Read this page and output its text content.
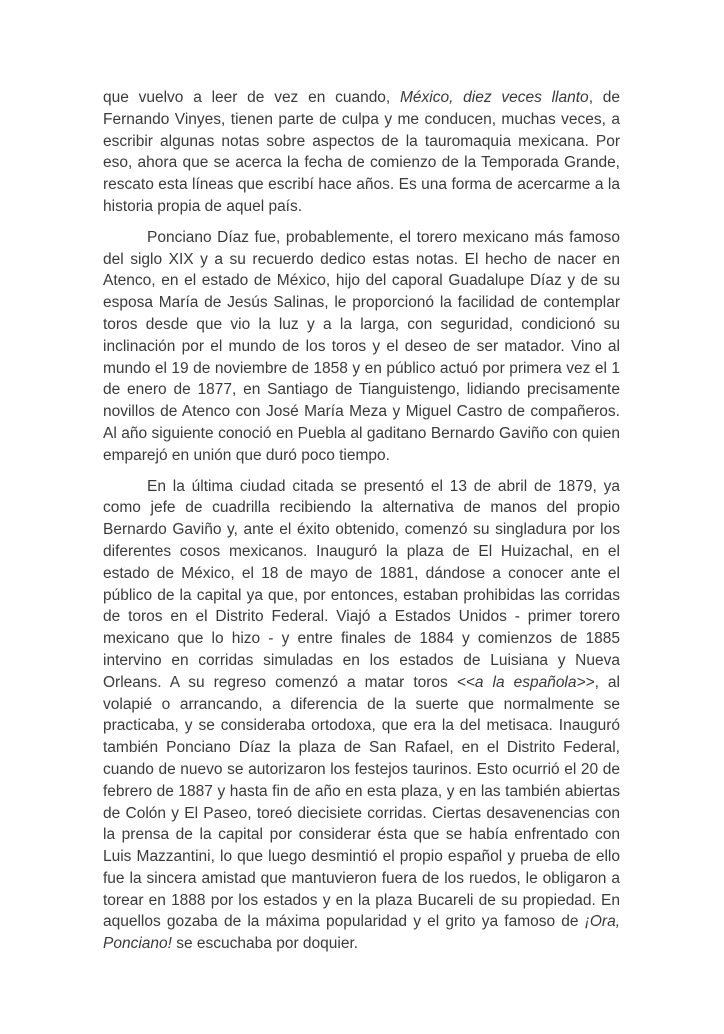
que vuelvo a leer de vez en cuando, México, diez veces llanto, de Fernando Vinyes, tienen parte de culpa y me conducen, muchas veces, a escribir algunas notas sobre aspectos de la tauromaquia mexicana. Por eso, ahora que se acerca la fecha de comienzo de la Temporada Grande, rescato esta líneas que escribí hace años. Es una forma de acercarme a la historia propia de aquel país.

Ponciano Díaz fue, probablemente, el torero mexicano más famoso del siglo XIX y a su recuerdo dedico estas notas. El hecho de nacer en Atenco, en el estado de México, hijo del caporal Guadalupe Díaz y de su esposa María de Jesús Salinas, le proporcionó la facilidad de contemplar toros desde que vio la luz y a la larga, con seguridad, condicionó su inclinación por el mundo de los toros y el deseo de ser matador. Vino al mundo el 19 de noviembre de 1858 y en público actuó por primera vez el 1 de enero de 1877, en Santiago de Tianguistengo, lidiando precisamente novillos de Atenco con José María Meza y Miguel Castro de compañeros. Al año siguiente conoció en Puebla al gaditano Bernardo Gaviño con quien emparejó en unión que duró poco tiempo.

En la última ciudad citada se presentó el 13 de abril de 1879, ya como jefe de cuadrilla recibiendo la alternativa de manos del propio Bernardo Gaviño y, ante el éxito obtenido, comenzó su singladura por los diferentes cosos mexicanos. Inauguró la plaza de El Huizachal, en el estado de México, el 18 de mayo de 1881, dándose a conocer ante el público de la capital ya que, por entonces, estaban prohibidas las corridas de toros en el Distrito Federal. Viajó a Estados Unidos - primer torero mexicano que lo hizo - y entre finales de 1884 y comienzos de 1885 intervino en corridas simuladas en los estados de Luisiana y Nueva Orleans. A su regreso comenzó a matar toros <<a la española>>, al volapié o arrancando, a diferencia de la suerte que normalmente se practicaba, y se consideraba ortodoxa, que era la del metisaca. Inauguró también Ponciano Díaz la plaza de San Rafael, en el Distrito Federal, cuando de nuevo se autorizaron los festejos taurinos. Esto ocurrió el 20 de febrero de 1887 y hasta fin de año en esta plaza, y en las también abiertas de Colón y El Paseo, toreó diecisiete corridas. Ciertas desavenencias con la prensa de la capital por considerar ésta que se había enfrentado con Luis Mazzantini, lo que luego desmintió el propio español y prueba de ello fue la sincera amistad que mantuvieron fuera de los ruedos, le obligaron a torear en 1888 por los estados y en la plaza Bucareli de su propiedad. En aquellos gozaba de la máxima popularidad y el grito ya famoso de ¡Ora, Ponciano! se escuchaba por doquier.
